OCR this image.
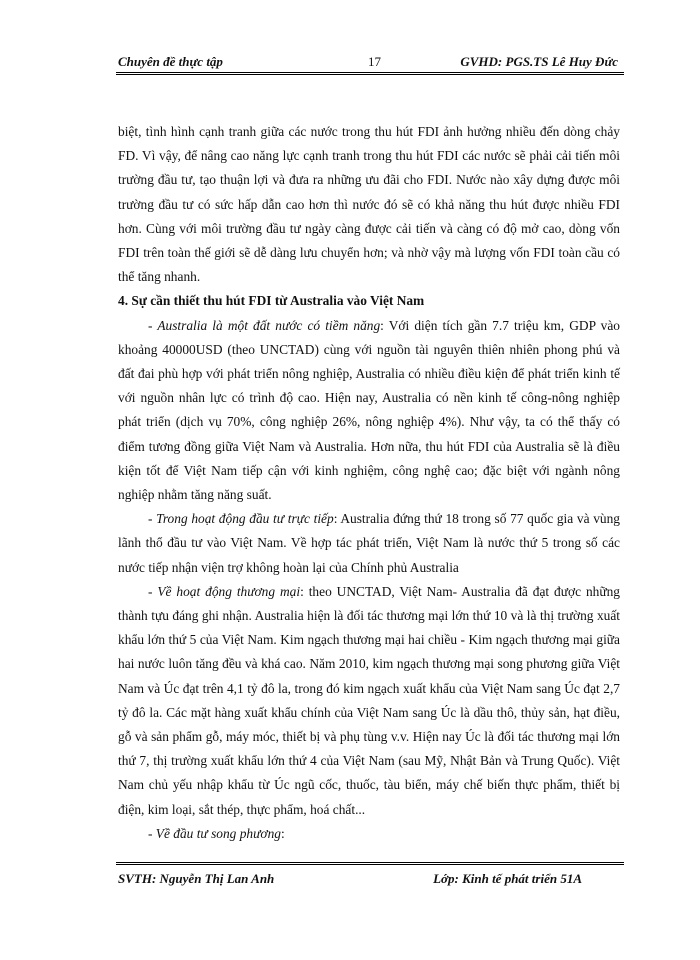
Chuyên đề thực tập	17	GVHD: PGS.TS Lê Huy Đức

biệt, tình hình cạnh tranh giữa các nước trong thu hút FDI ảnh hưởng nhiều đến dòng chảy FD. Vì vậy, để nâng cao năng lực cạnh tranh trong thu hút FDI các nước sẽ phải cải tiến môi trường đầu tư, tạo thuận lợi và đưa ra những ưu đãi cho FDI. Nước nào xây dựng được môi trường đầu tư có sức hấp dẫn cao hơn thì nước đó sẽ có khả năng thu hút được nhiều FDI hơn. Cùng với môi trường đầu tư ngày càng được cải tiến và càng có độ mở cao, dòng vốn FDI trên toàn thế giới sẽ dễ dàng lưu chuyển hơn; và nhờ vậy mà lượng vốn FDI toàn cầu có thể tăng nhanh.

4. Sự cần thiết thu hút FDI từ Australia vào Việt Nam

- Australia là một đất nước có tiềm năng: Với diện tích gần 7.7 triệu km, GDP vào khoảng 40000USD (theo UNCTAD) cùng với nguồn tài nguyên thiên nhiên phong phú và đất đai phù hợp với phát triển nông nghiệp, Australia có nhiều điều kiện để phát triển kinh tế với nguồn nhân lực có trình độ cao. Hiện nay, Australia có nền kinh tế công-nông nghiệp phát triển (dịch vụ 70%, công nghiệp 26%, nông nghiệp 4%). Như vậy, ta có thể thấy có điểm tương đồng giữa Việt Nam và Australia. Hơn nữa, thu hút FDI của Australia sẽ là điều kiện tốt để Việt Nam tiếp cận với kinh nghiệm, công nghệ cao; đặc biệt với ngành nông nghiệp nhằm tăng năng suất.

- Trong hoạt động đầu tư trực tiếp: Australia đứng thứ 18 trong số 77 quốc gia và vùng lãnh thổ đầu tư vào Việt Nam. Về hợp tác phát triển, Việt Nam là nước thứ 5 trong số các nước tiếp nhận viện trợ không hoàn lại của Chính phủ Australia

- Về hoạt động thương mại: theo UNCTAD, Việt Nam- Australia đã đạt được những thành tựu đáng ghi nhận. Australia hiện là đối tác thương mại lớn thứ 10 và là thị trường xuất khẩu lớn thứ 5 của Việt Nam. Kim ngạch thương mại hai chiều - Kim ngạch thương mại giữa hai nước luôn tăng đều và khá cao. Năm 2010, kim ngạch thương mại song phương giữa Việt Nam và Úc đạt trên 4,1 tỷ đô la, trong đó kim ngạch xuất khẩu của Việt Nam sang Úc đạt 2,7 tỷ đô la. Các mặt hàng xuất khẩu chính của Việt Nam sang Úc là dầu thô, thủy sản, hạt điều, gỗ và sản phẩm gỗ, máy móc, thiết bị và phụ tùng v.v. Hiện nay Úc là đối tác thương mại lớn thứ 7, thị trường xuất khẩu lớn thứ 4 của Việt Nam (sau Mỹ, Nhật Bản và Trung Quốc). Việt Nam chủ yếu nhập khẩu từ Úc ngũ cốc, thuốc, tàu biển, máy chế biến thực phẩm, thiết bị điện, kim loại, sắt thép, thực phẩm, hoá chất...

- Về đầu tư song phương:

SVTH: Nguyễn Thị Lan Anh	Lớp: Kinh tế phát triển 51A
